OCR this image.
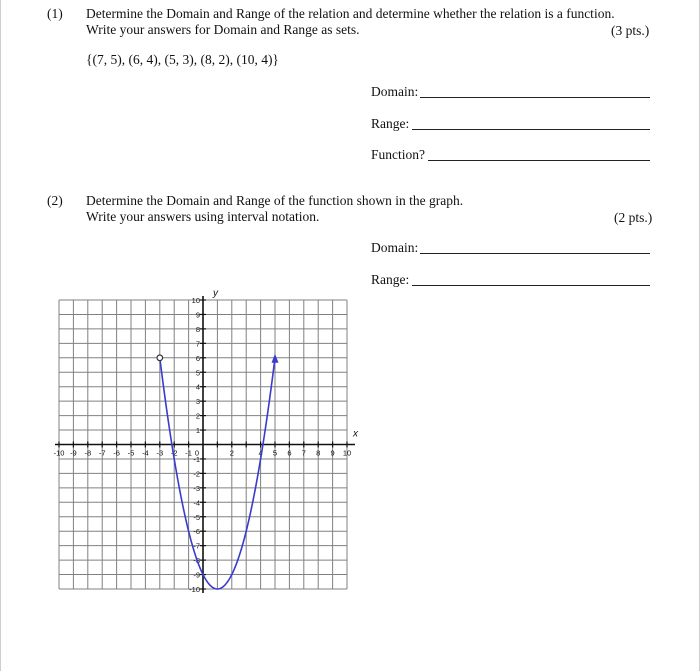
(1) Determine the Domain and Range of the relation and determine whether the relation is a function.
Write your answers for Domain and Range as sets.	(3 pts.)
{(7, 5), (6, 4), (5, 3), (8, 2), (10, 4)}
Domain:
Range:
Function?
(2) Determine the Domain and Range of the function shown in the graph.
Write your answers using interval notation.	(2 pts.)
Domain:
Range:
x
y
-10 -9 -8 -7 -6 -5 -4 -3 -2 -1 0	2	4 5 6 7 8 9 10
10
9
8
7
6
5
4
3
2
1
-1
-2
-3
-4
-5
-6
-7
-8
-9
-10
